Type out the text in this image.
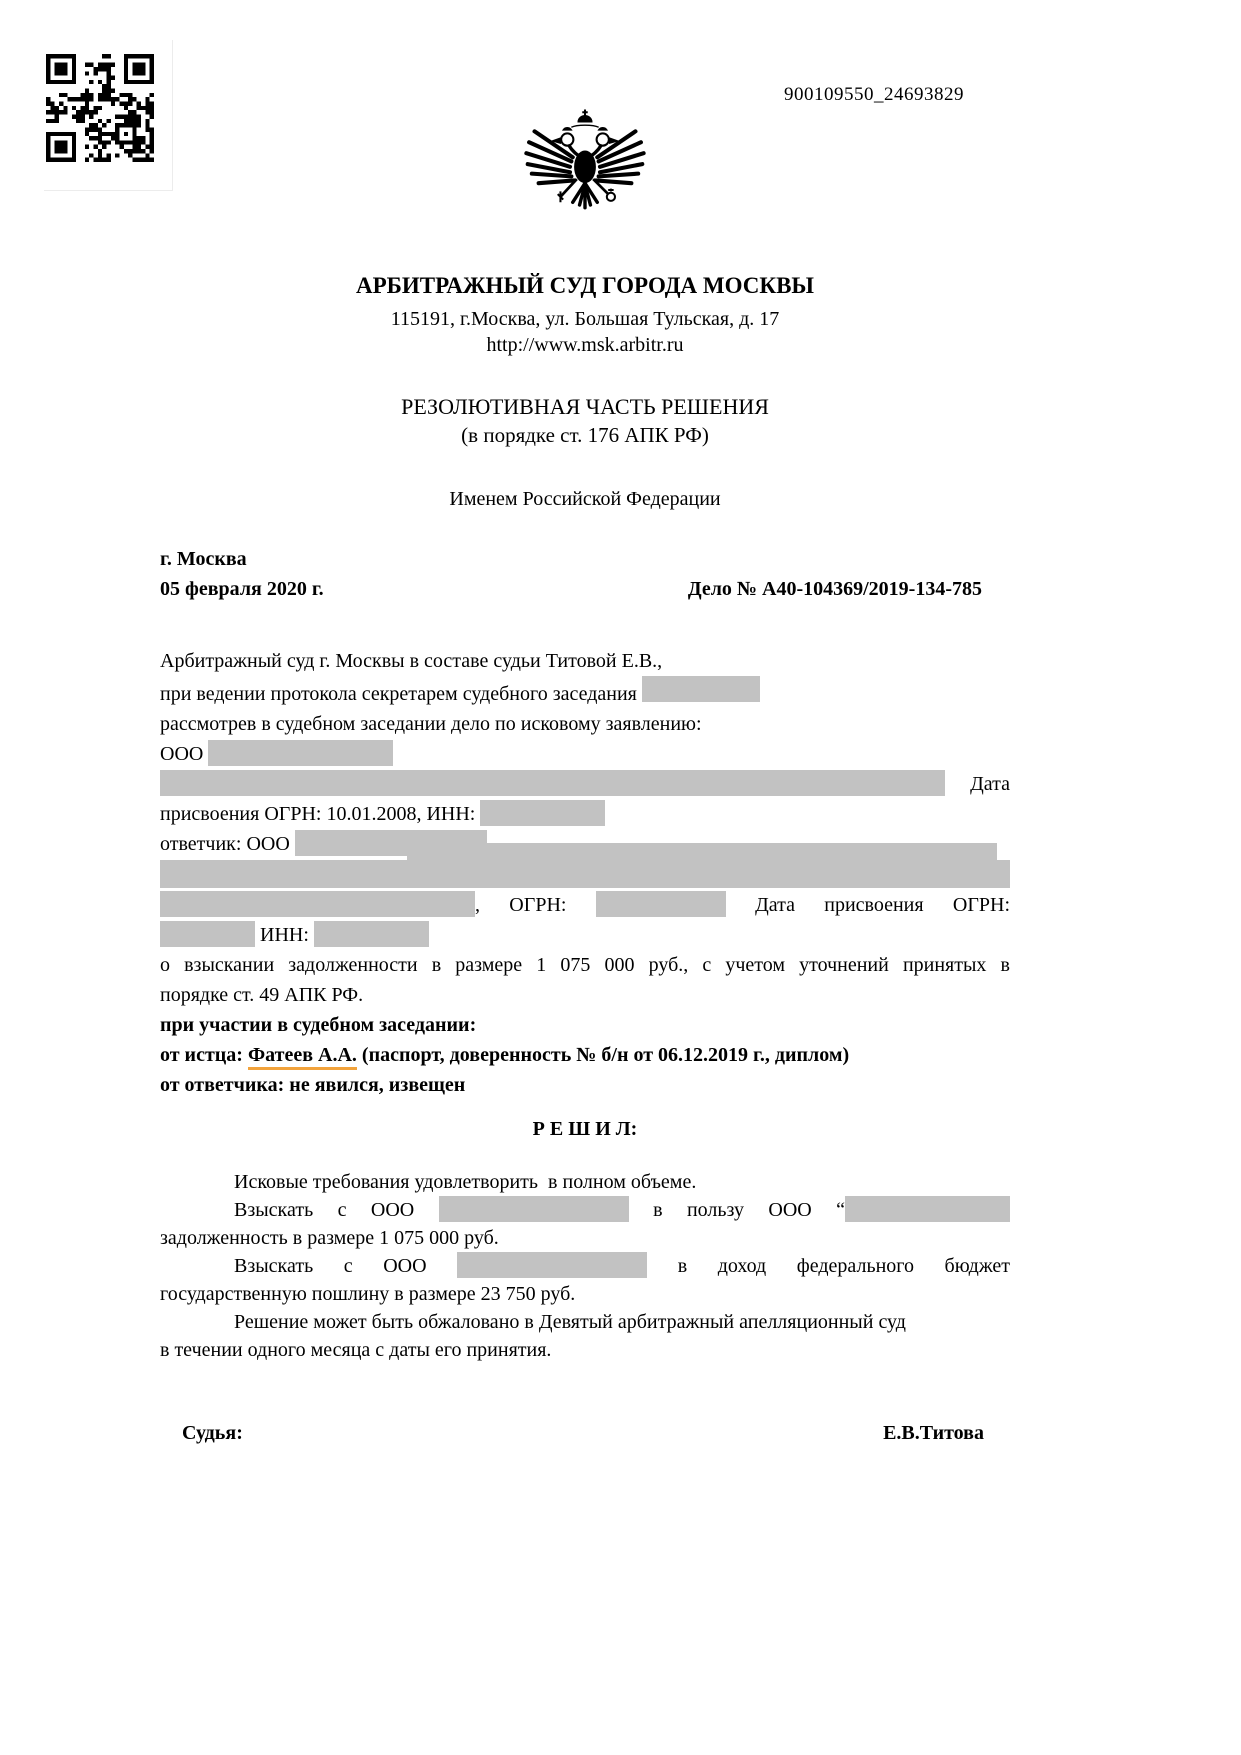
900109550_24693829
АРБИТРАЖНЫЙ СУД ГОРОДА МОСКВЫ
115191, г.Москва, ул. Большая Тульская, д. 17
http://www.msk.arbitr.ru
РЕЗОЛЮТИВНАЯ ЧАСТЬ РЕШЕНИЯ
(в порядке ст. 176 АПК РФ)
Именем Российской Федерации
г. Москва
05 февраля 2020 г.	Дело № А40-104369/2019-134-785
Арбитражный суд г. Москвы в составе судьи Титовой Е.В.,
при ведении протокола секретарем судебного заседания
рассмотрев в судебном заседании дело по исковому заявлению:
ООО
Дата
присвоения ОГРН: 10.01.2008, ИНН:
ответчик: ООО
, ОГРН:	Дата присвоения ОГРН:
ИНН:
о взыскании задолженности в размере 1 075 000 руб., с учетом уточнений принятых в
порядке ст. 49 АПК РФ.
при участии в судебном заседании:
от истца: Фатеев А.А. (паспорт, доверенность № б/н от 06.12.2019 г., диплом)
от ответчика: не явился, извещен
Р Е Ш И Л:
Исковые требования удовлетворить  в полном объеме.
Взыскать с ООО	в пользу ООО “
задолженность в размере 1 075 000 руб.
Взыскать с ООО	в доход федерального бюджет
государственную пошлину в размере 23 750 руб.
Решение может быть обжаловано в Девятый арбитражный апелляционный суд
в течении одного месяца с даты его принятия.
Судья:	Е.В.Титова
